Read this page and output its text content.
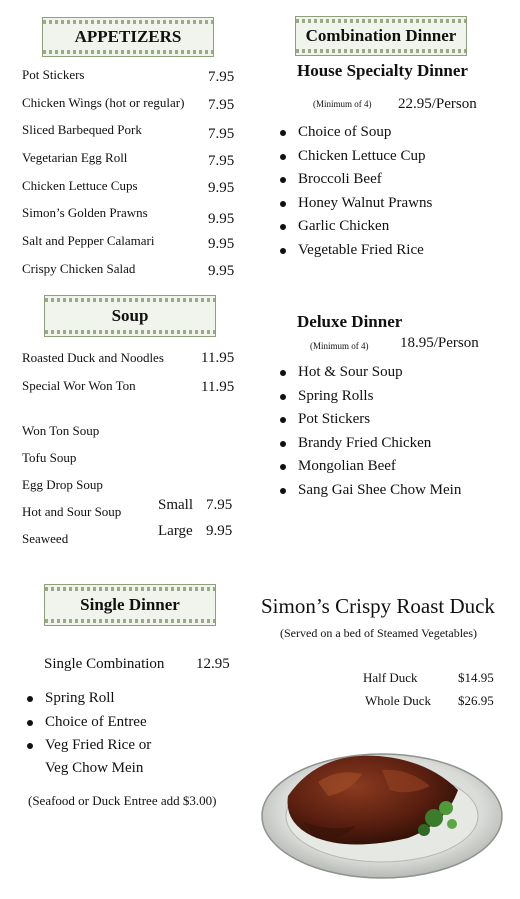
APPETIZERS
Pot Stickers	7.95
Chicken Wings (hot or regular) 7.95
Sliced Barbequed Pork	7.95
Vegetarian Egg Roll	7.95
Chicken Lettuce Cups	9.95
Simon’s Golden Prawns	9.95
Salt and Pepper Calamari	9.95
Crispy Chicken Salad	9.95
Soup
Roasted Duck and Noodles 11.95
Special Wor Won Ton	11.95
Won Ton Soup
Tofu Soup
Egg Drop Soup
Hot and Sour Soup
Seaweed
Small 7.95
Large 9.95
Single Dinner
Single Combination 12.95
Spring Roll
Choice of Entree
Veg Fried Rice or
Veg Chow Mein
(Seafood or Duck Entree add $3.00)
Combination Dinner
House Specialty Dinner
(Minimum of 4) 22.95/Person
Choice of Soup
Chicken Lettuce Cup
Broccoli Beef
Honey Walnut Prawns
Garlic Chicken
Vegetable Fried Rice
Deluxe Dinner
(Minimum of 4) 18.95/Person
Hot & Sour Soup
Spring Rolls
Pot Stickers
Brandy Fried Chicken
Mongolian Beef
Sang Gai Shee Chow Mein
Simon’s Crispy Roast Duck
(Served on a bed of Steamed Vegetables)
Half Duck	$14.95
Whole Duck $26.95
